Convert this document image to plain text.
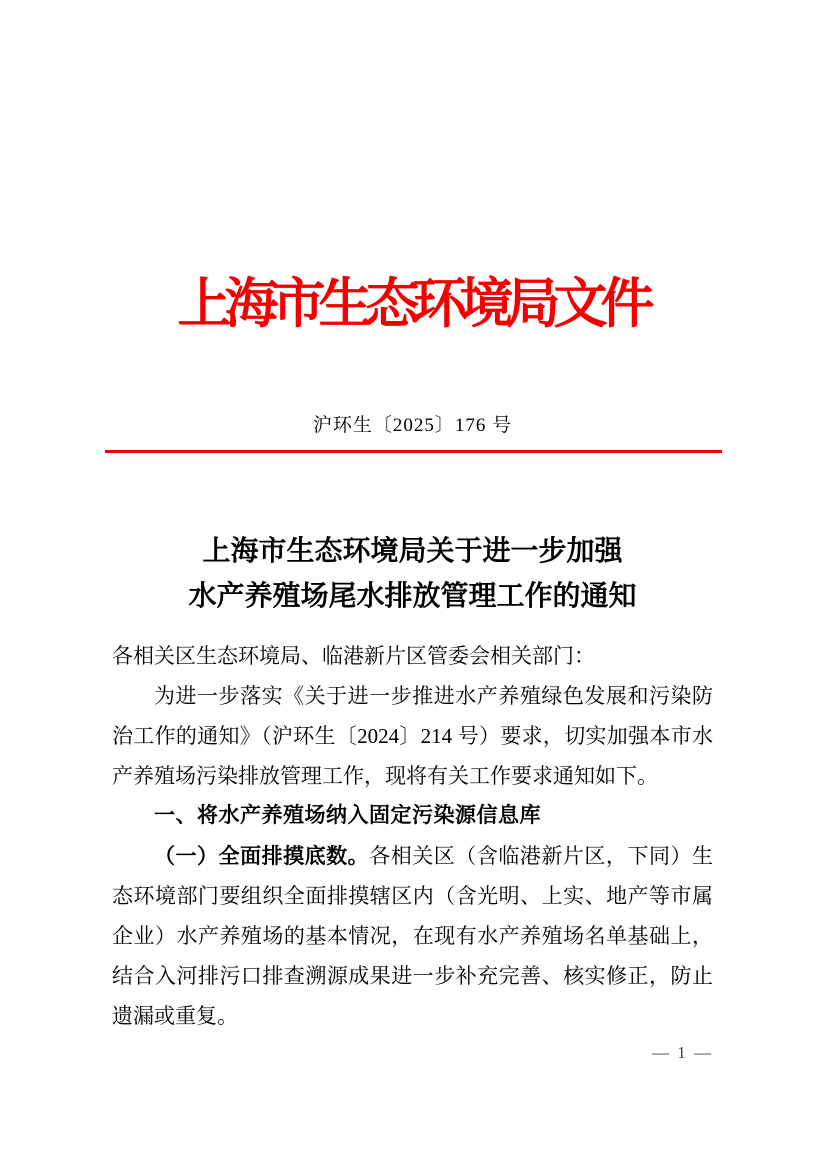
上海市生态环境局文件
沪环生〔2025〕176 号
上海市生态环境局关于进一步加强
水产养殖场尾水排放管理工作的通知

各相关区生态环境局、临港新片区管委会相关部门：

为进一步落实《关于进一步推进水产养殖绿色发展和污染防治工作的通知》（沪环生〔2024〕214 号）要求，切实加强本市水产养殖场污染排放管理工作，现将有关工作要求通知如下。

一、将水产养殖场纳入固定污染源信息库

（一）全面排摸底数。各相关区（含临港新片区，下同）生态环境部门要组织全面排摸辖区内（含光明、上实、地产等市属企业）水产养殖场的基本情况，在现有水产养殖场名单基础上，结合入河排污口排查溯源成果进一步补充完善、核实修正，防止遗漏或重复。

— 1 —
